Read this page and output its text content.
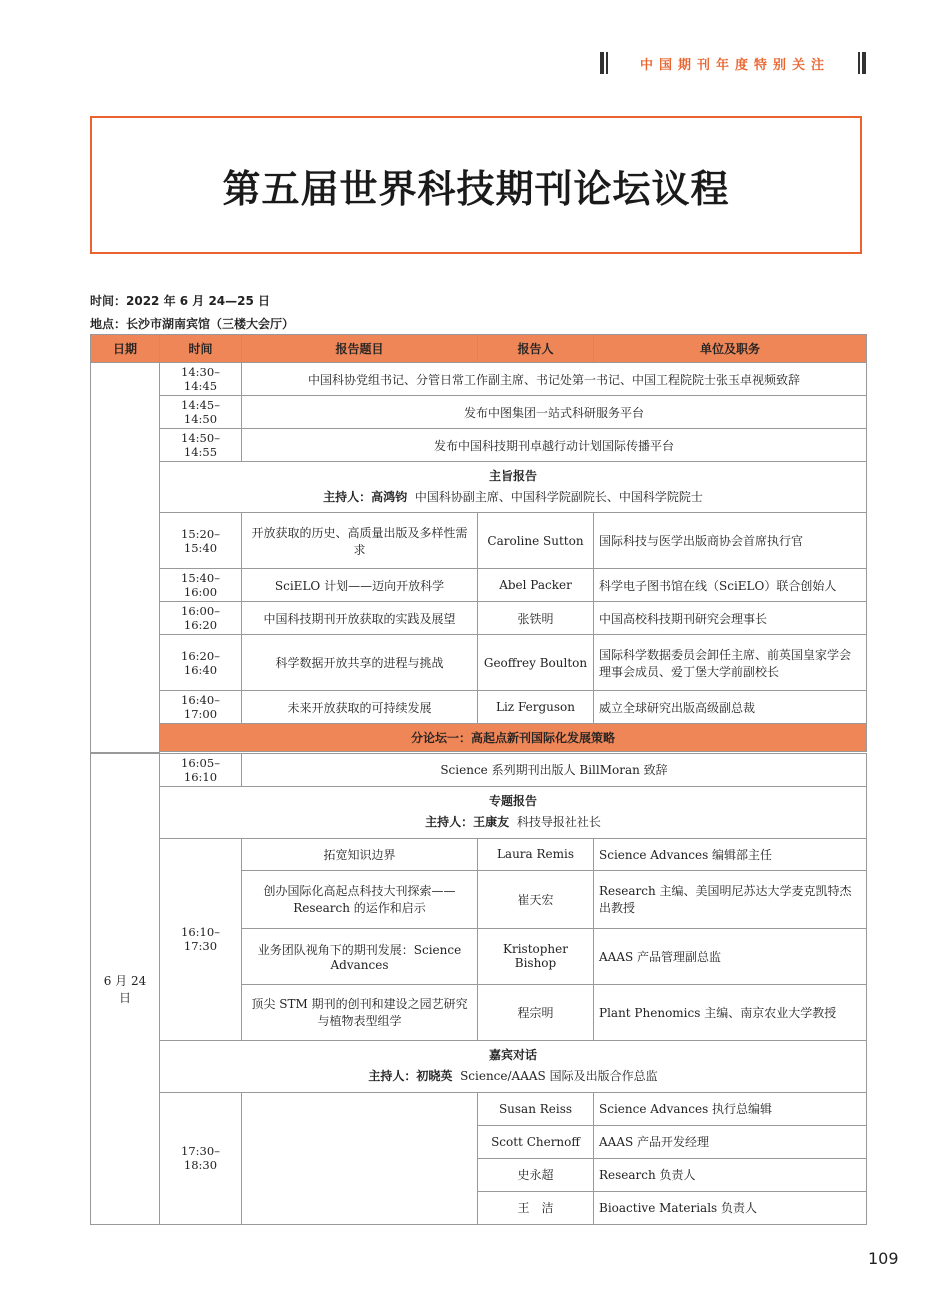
中国期刊年度特别关注
第五届世界科技期刊论坛议程
时间：2022 年 6 月 24—25 日
地点：长沙市湖南宾馆（三楼大会厅）
日期	时间	报告题目	报告人	单位及职务
	14:30–14:45	中国科协党组书记、分管日常工作副主席、书记处第一书记、中国工程院院士张玉卓视频致辞		
	14:45–14:50	发布中图集团一站式科研服务平台		
	14:50–14:55	发布中国科技期刊卓越行动计划国际传播平台		

	主旨报告
主持人：高鸿钧 中国科协副主席、中国科学院副院长、中国科学院院士			

	15:20–15:40	开放获取的历史、高质量出版及多样性需求	Caroline Sutton	国际科技与医学出版商协会首席执行官
	15:40–16:00	SciELO 计划——迈向开放科学	Abel Packer	科学电子图书馆在线（SciELO）联合创始人
	16:00–16:20	中国科技期刊开放获取的实践及展望	张铁明	中国高校科技期刊研究会理事长
	16:20–16:40	科学数据开放共享的进程与挑战	Geoffrey Boulton	国际科学数据委员会卸任主席、前英国皇家学会理事会成员、爱丁堡大学前副校长
	16:40–17:00	未来开放获取的可持续发展	Liz Ferguson	威立全球研究出版高级副总裁
	分论坛一：高起点新刊国际化发展策略			

6 月 24 日	16:05–16:10	Science 系列期刊出版人 BillMoran 致辞		

	专题报告
主持人：王康友 科技导报社社长			

	16:10–17:30	拓宽知识边界	Laura Remis	Science Advances 编辑部主任
		创办国际化高起点科技大刊探索——Research 的运作和启示	崔天宏	Research 主编、美国明尼苏达大学麦克凯特杰出教授
		业务团队视角下的期刊发展：Science Advances	Kristopher Bishop	AAAS 产品管理副总监
		顶尖 STM 期刊的创刊和建设之园艺研究与植物表型组学	程宗明	Plant Phenomics 主编、南京农业大学教授

	嘉宾对话
主持人：初晓英 Science/AAAS 国际及出版合作总监			

	17:30–18:30		Susan Reiss	Science Advances 执行总编辑
			Scott Chernoff	AAAS 产品开发经理
			史永超	Research 负责人
			王　洁	Bioactive Materials 负责人
109
